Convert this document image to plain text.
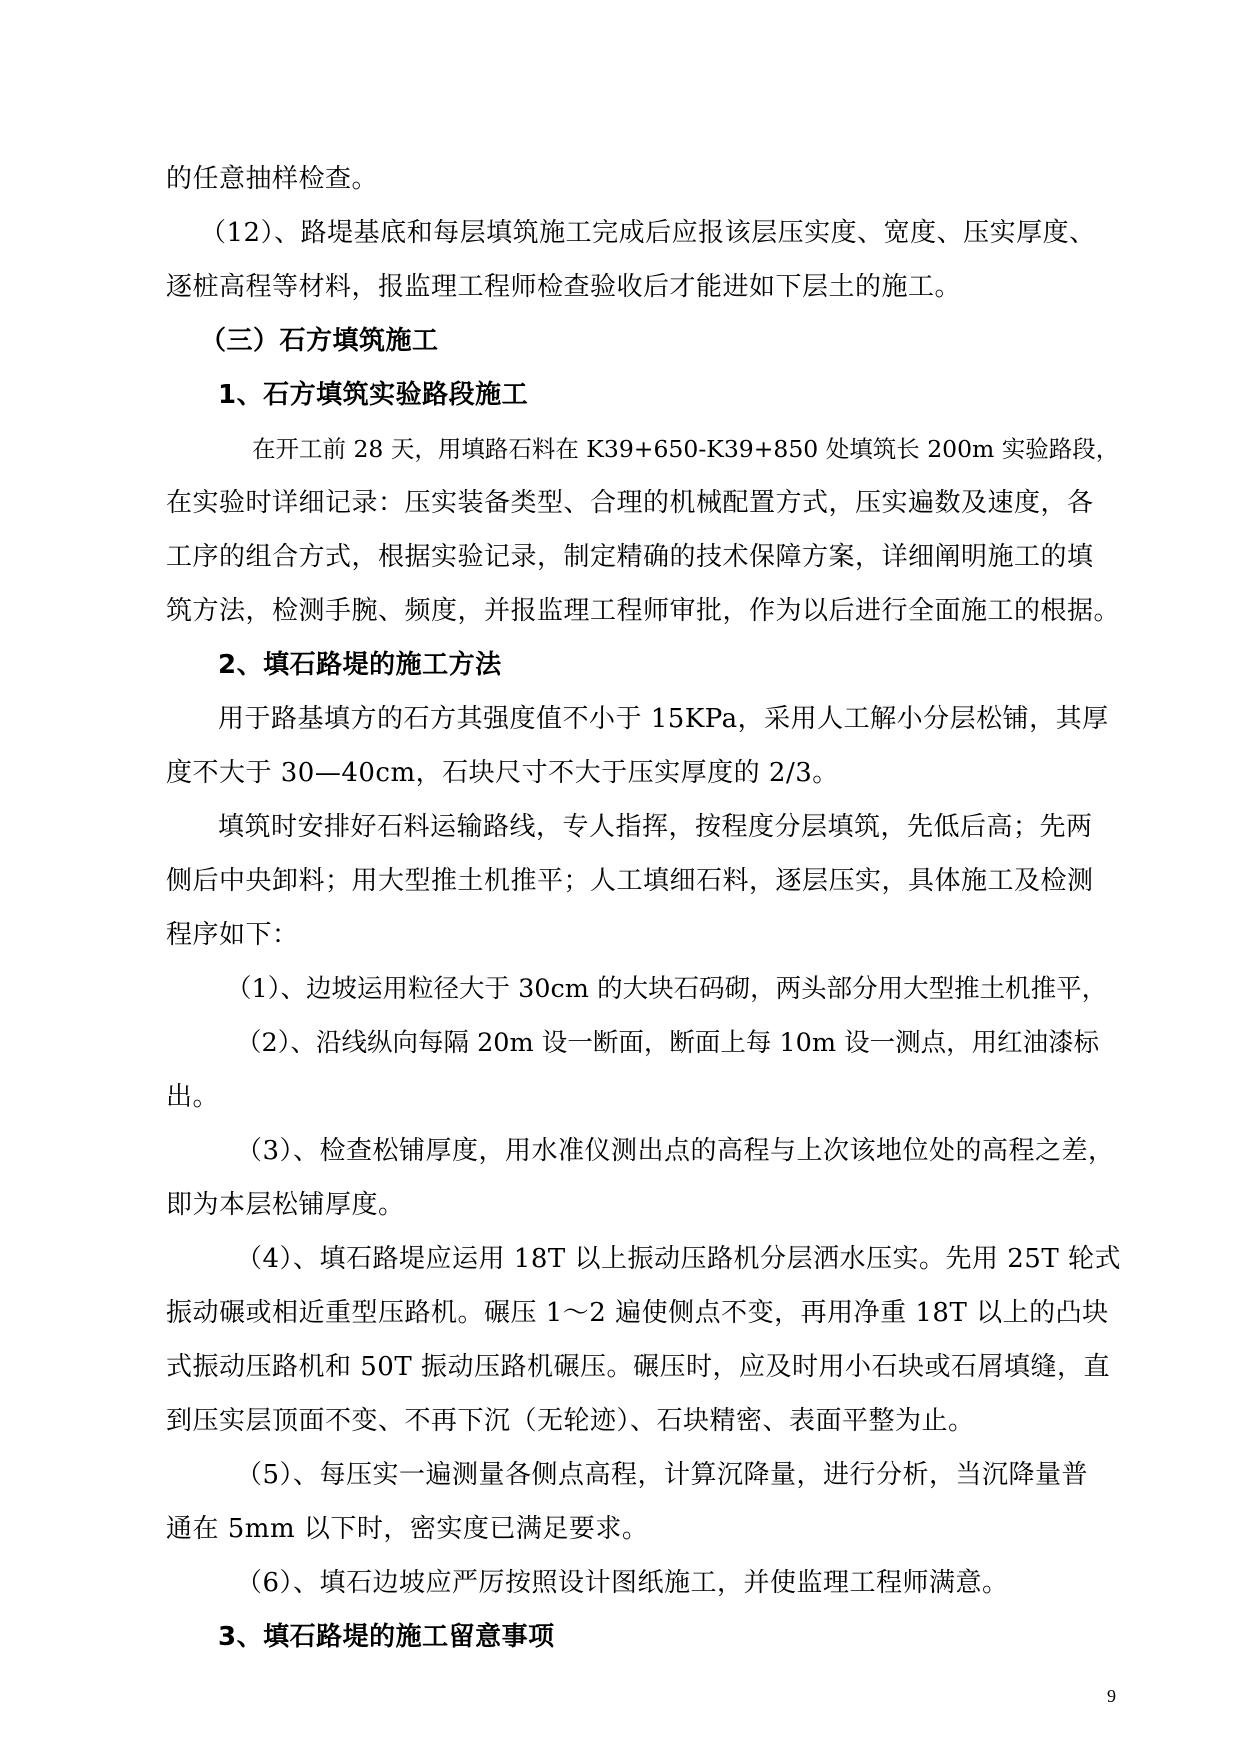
的任意抽样检查。
（12）、路堤基底和每层填筑施工完成后应报该层压实度、宽度、压实厚度、
逐桩高程等材料，报监理工程师检查验收后才能进如下层土的施工。
（三）石方填筑施工
1、石方填筑实验路段施工
在开工前 28 天，用填路石料在 K39+650-K39+850 处填筑长 200m 实验路段，
在实验时详细记录：压实装备类型、合理的机械配置方式，压实遍数及速度，各
工序的组合方式，根据实验记录，制定精确的技术保障方案，详细阐明施工的填
筑方法，检测手腕、频度，并报监理工程师审批，作为以后进行全面施工的根据。
2、填石路堤的施工方法
用于路基填方的石方其强度值不小于 15KPa，采用人工解小分层松铺，其厚
度不大于 30—40cm，石块尺寸不大于压实厚度的 2/3。
填筑时安排好石料运输路线，专人指挥，按程度分层填筑，先低后高；先两
侧后中央卸料；用大型推土机推平；人工填细石料，逐层压实，具体施工及检测
程序如下：
（1）、边坡运用粒径大于 30cm 的大块石码砌，两头部分用大型推土机推平，
（2）、沿线纵向每隔 20m 设一断面，断面上每 10m 设一测点，用红油漆标
出。
（3）、检查松铺厚度，用水准仪测出点的高程与上次该地位处的高程之差，
即为本层松铺厚度。
（4）、填石路堤应运用 18T 以上振动压路机分层洒水压实。先用 25T 轮式
振动碾或相近重型压路机。碾压 1～2 遍使侧点不变，再用净重 18T 以上的凸块
式振动压路机和 50T 振动压路机碾压。碾压时，应及时用小石块或石屑填缝，直
到压实层顶面不变、不再下沉（无轮迹）、石块精密、表面平整为止。
（5）、每压实一遍测量各侧点高程，计算沉降量，进行分析，当沉降量普
通在 5mm 以下时，密实度已满足要求。
（6）、填石边坡应严厉按照设计图纸施工，并使监理工程师满意。
3、填石路堤的施工留意事项
9
